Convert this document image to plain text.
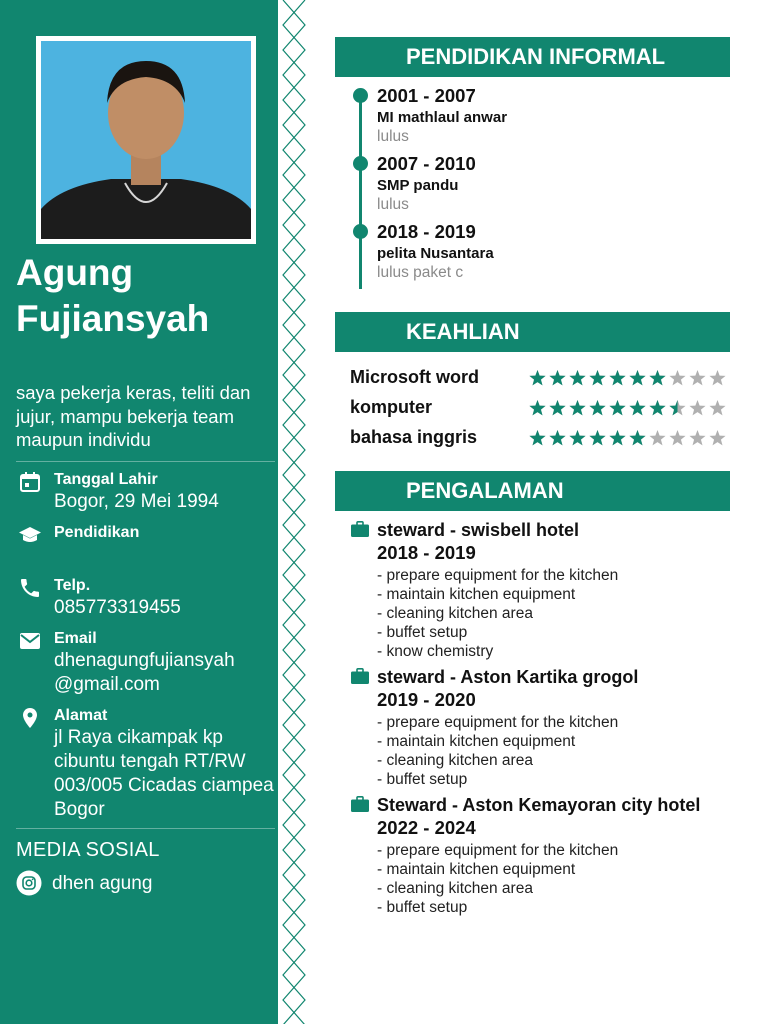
Agung
Fujiansyah
saya pekerja keras, teliti dan jujur, mampu bekerja team maupun individu
Tanggal Lahir
Bogor, 29 Mei 1994
Pendidikan
Telp.
085773319455
Email
dhenagungfujiansyah
@gmail.com
Alamat
jl Raya cikampak kp cibuntu tengah RT/RW 003/005 Cicadas ciampea Bogor
MEDIA SOSIAL
dhen agung
PENDIDIKAN INFORMAL
2001 - 2007
MI mathlaul anwar
lulus
2007 - 2010
SMP pandu
lulus
2018 - 2019
pelita Nusantara
lulus paket c
KEAHLIAN
Microsoft word
komputer
bahasa inggris
PENGALAMAN
steward - swisbell hotel
2018 - 2019
- prepare equipment for the kitchen
- maintain kitchen equipment
- cleaning kitchen area
- buffet setup
- know chemistry
steward - Aston Kartika grogol
2019 - 2020
- prepare equipment for the kitchen
- maintain kitchen equipment
- cleaning kitchen area
- buffet setup
Steward - Aston Kemayoran city hotel
2022 - 2024
- prepare equipment for the kitchen
- maintain kitchen equipment
- cleaning kitchen area
- buffet setup
